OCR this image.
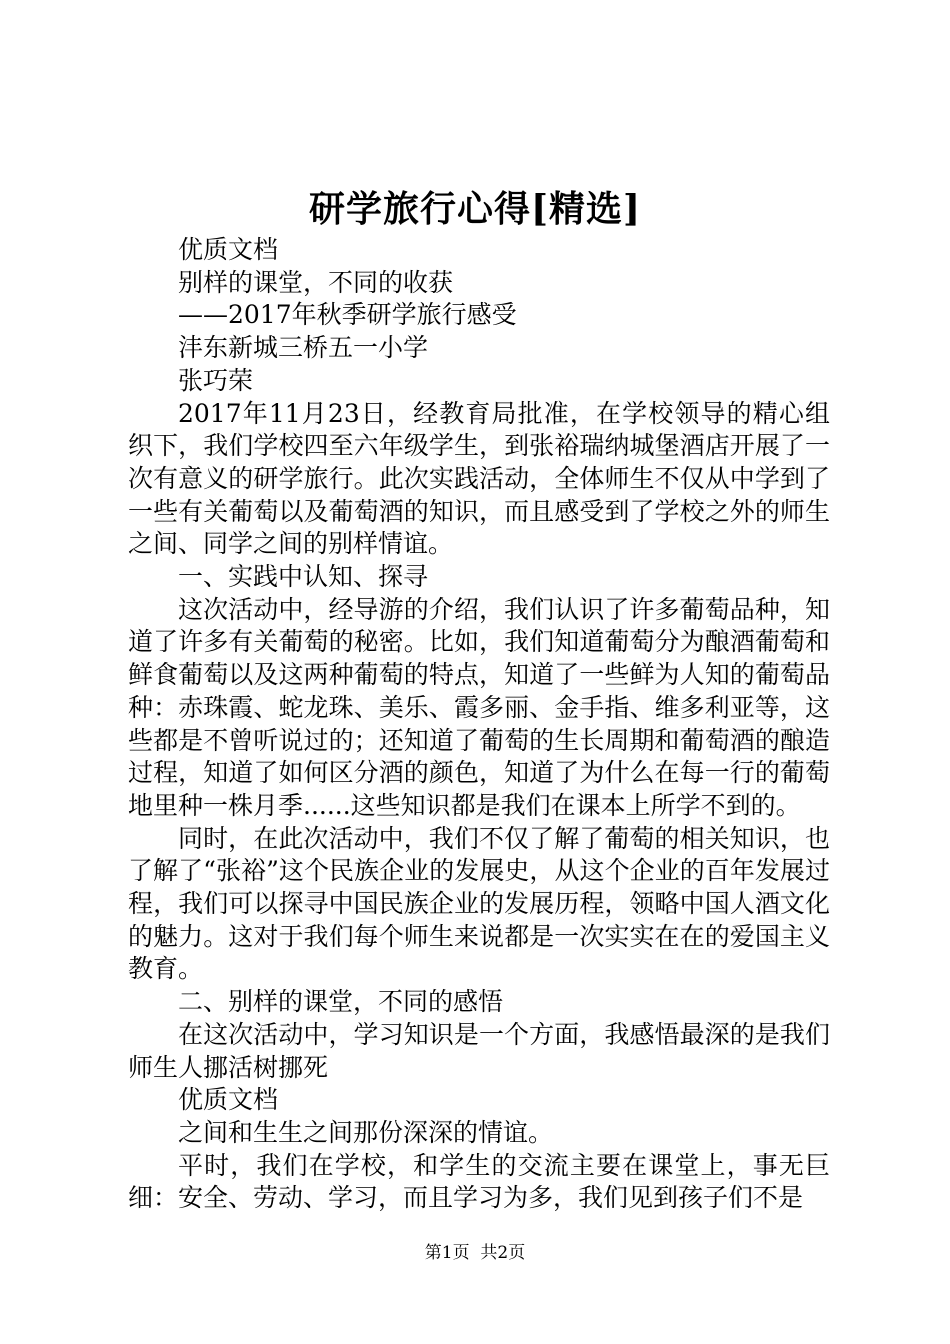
研学旅行心得[精选]

优质文档

别样的课堂，不同的收获

——2017年秋季研学旅行感受

沣东新城三桥五一小学

张巧荣

2017年11月23日，经教育局批准，在学校领导的精心组织下，我们学校四至六年级学生，到张裕瑞纳城堡酒店开展了一次有意义的研学旅行。此次实践活动，全体师生不仅从中学到了一些有关葡萄以及葡萄酒的知识，而且感受到了学校之外的师生之间、同学之间的别样情谊。

一、实践中认知、探寻

这次活动中，经导游的介绍，我们认识了许多葡萄品种，知道了许多有关葡萄的秘密。比如，我们知道葡萄分为酿酒葡萄和鲜食葡萄以及这两种葡萄的特点，知道了一些鲜为人知的葡萄品种：赤珠霞、蛇龙珠、美乐、霞多丽、金手指、维多利亚等，这些都是不曾听说过的；还知道了葡萄的生长周期和葡萄酒的酿造过程，知道了如何区分酒的颜色，知道了为什么在每一行的葡萄地里种一株月季......这些知识都是我们在课本上所学不到的。

同时，在此次活动中，我们不仅了解了葡萄的相关知识，也了解了“张裕”这个民族企业的发展史，从这个企业的百年发展过程，我们可以探寻中国民族企业的发展历程，领略中国人酒文化的魅力。这对于我们每个师生来说都是一次实实在在的爱国主义教育。

二、别样的课堂，不同的感悟

在这次活动中，学习知识是一个方面，我感悟最深的是我们师生人挪活树挪死

优质文档

之间和生生之间那份深深的情谊。

平时，我们在学校，和学生的交流主要在课堂上，事无巨细：安全、劳动、学习，而且学习为多，我们见到孩子们不是

第1页 共2页
